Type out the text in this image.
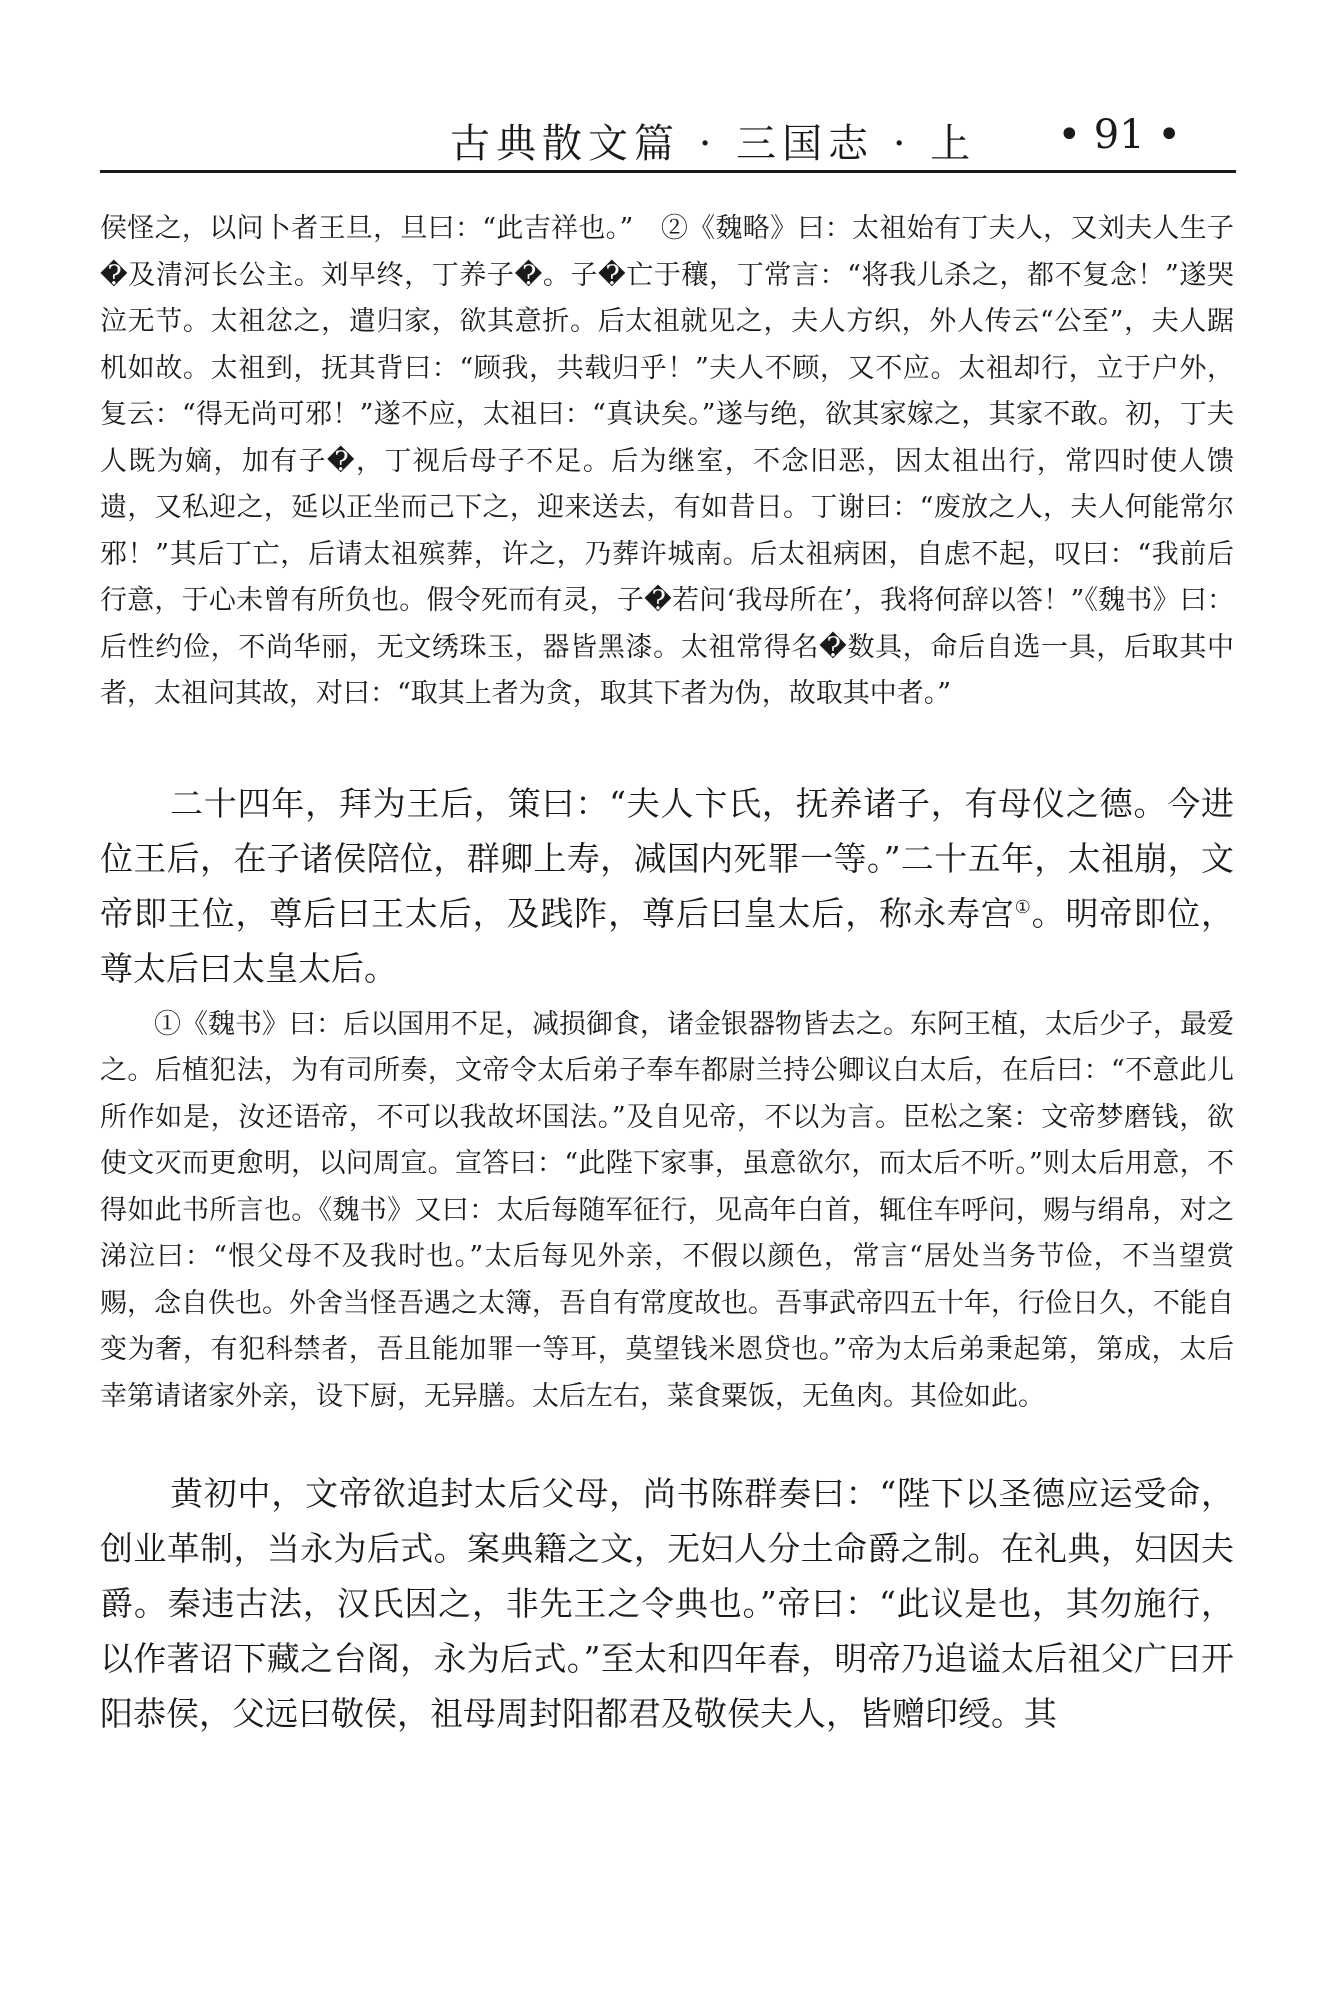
古典散文篇 · 三国志 · 上 • 91 •

侯怪之，以问卜者王旦，旦曰：“此吉祥也。”　②《魏略》曰：太祖始有丁夫人，又刘夫人生子�及清河长公主。刘早终，丁养子�。子�亡于穰，丁常言：“将我儿杀之，都不复念！”遂哭泣无节。太祖忿之，遣归家，欲其意折。后太祖就见之，夫人方织，外人传云“公至”，夫人踞机如故。太祖到，抚其背曰：“顾我，共载归乎！”夫人不顾，又不应。太祖却行，立于户外，复云：“得无尚可邪！”遂不应，太祖曰：“真诀矣。”遂与绝，欲其家嫁之，其家不敢。初，丁夫人既为嫡，加有子�，丁视后母子不足。后为继室，不念旧恶，因太祖出行，常四时使人馈遗，又私迎之，延以正坐而己下之，迎来送去，有如昔日。丁谢曰：“废放之人，夫人何能常尔邪！”其后丁亡，后请太祖殡葬，许之，乃葬许城南。后太祖病困，自虑不起，叹曰：“我前后行意，于心未曾有所负也。假令死而有灵，子�若问‘我母所在’，我将何辞以答！”《魏书》曰：后性约俭，不尚华丽，无文绣珠玉，器皆黑漆。太祖常得名�数具，命后自选一具，后取其中者，太祖问其故，对曰：“取其上者为贪，取其下者为伪，故取其中者。”

二十四年，拜为王后，策曰：“夫人卞氏，抚养诸子，有母仪之德。今进位王后，在子诸侯陪位，群卿上寿，减国内死罪一等。”二十五年，太祖崩，文帝即王位，尊后曰王太后，及践阼，尊后曰皇太后，称永寿宫①。明帝即位，尊太后曰太皇太后。

①《魏书》曰：后以国用不足，减损御食，诸金银器物皆去之。东阿王植，太后少子，最爱之。后植犯法，为有司所奏，文帝令太后弟子奉车都尉兰持公卿议白太后，在后曰：“不意此儿所作如是，汝还语帝，不可以我故坏国法。”及自见帝，不以为言。臣松之案：文帝梦磨钱，欲使文灭而更愈明，以问周宣。宣答曰：“此陛下家事，虽意欲尔，而太后不听。”则太后用意，不得如此书所言也。《魏书》又曰：太后每随军征行，见高年白首，辄住车呼问，赐与绢帛，对之涕泣曰：“恨父母不及我时也。”太后每见外亲，不假以颜色，常言“居处当务节俭，不当望赏赐，念自佚也。外舍当怪吾遇之太簿，吾自有常度故也。吾事武帝四五十年，行俭日久，不能自变为奢，有犯科禁者，吾且能加罪一等耳，莫望钱米恩贷也。”帝为太后弟秉起第，第成，太后幸第请诸家外亲，设下厨，无异膳。太后左右，菜食粟饭，无鱼肉。其俭如此。

黄初中，文帝欲追封太后父母，尚书陈群奏曰：“陛下以圣德应运受命，创业革制，当永为后式。案典籍之文，无妇人分土命爵之制。在礼典，妇因夫爵。秦违古法，汉氏因之，非先王之令典也。”帝曰：“此议是也，其勿施行，以作著诏下藏之台阁，永为后式。”至太和四年春，明帝乃追谥太后祖父广曰开阳恭侯，父远曰敬侯，祖母周封阳都君及敬侯夫人，皆赠印绶。其
